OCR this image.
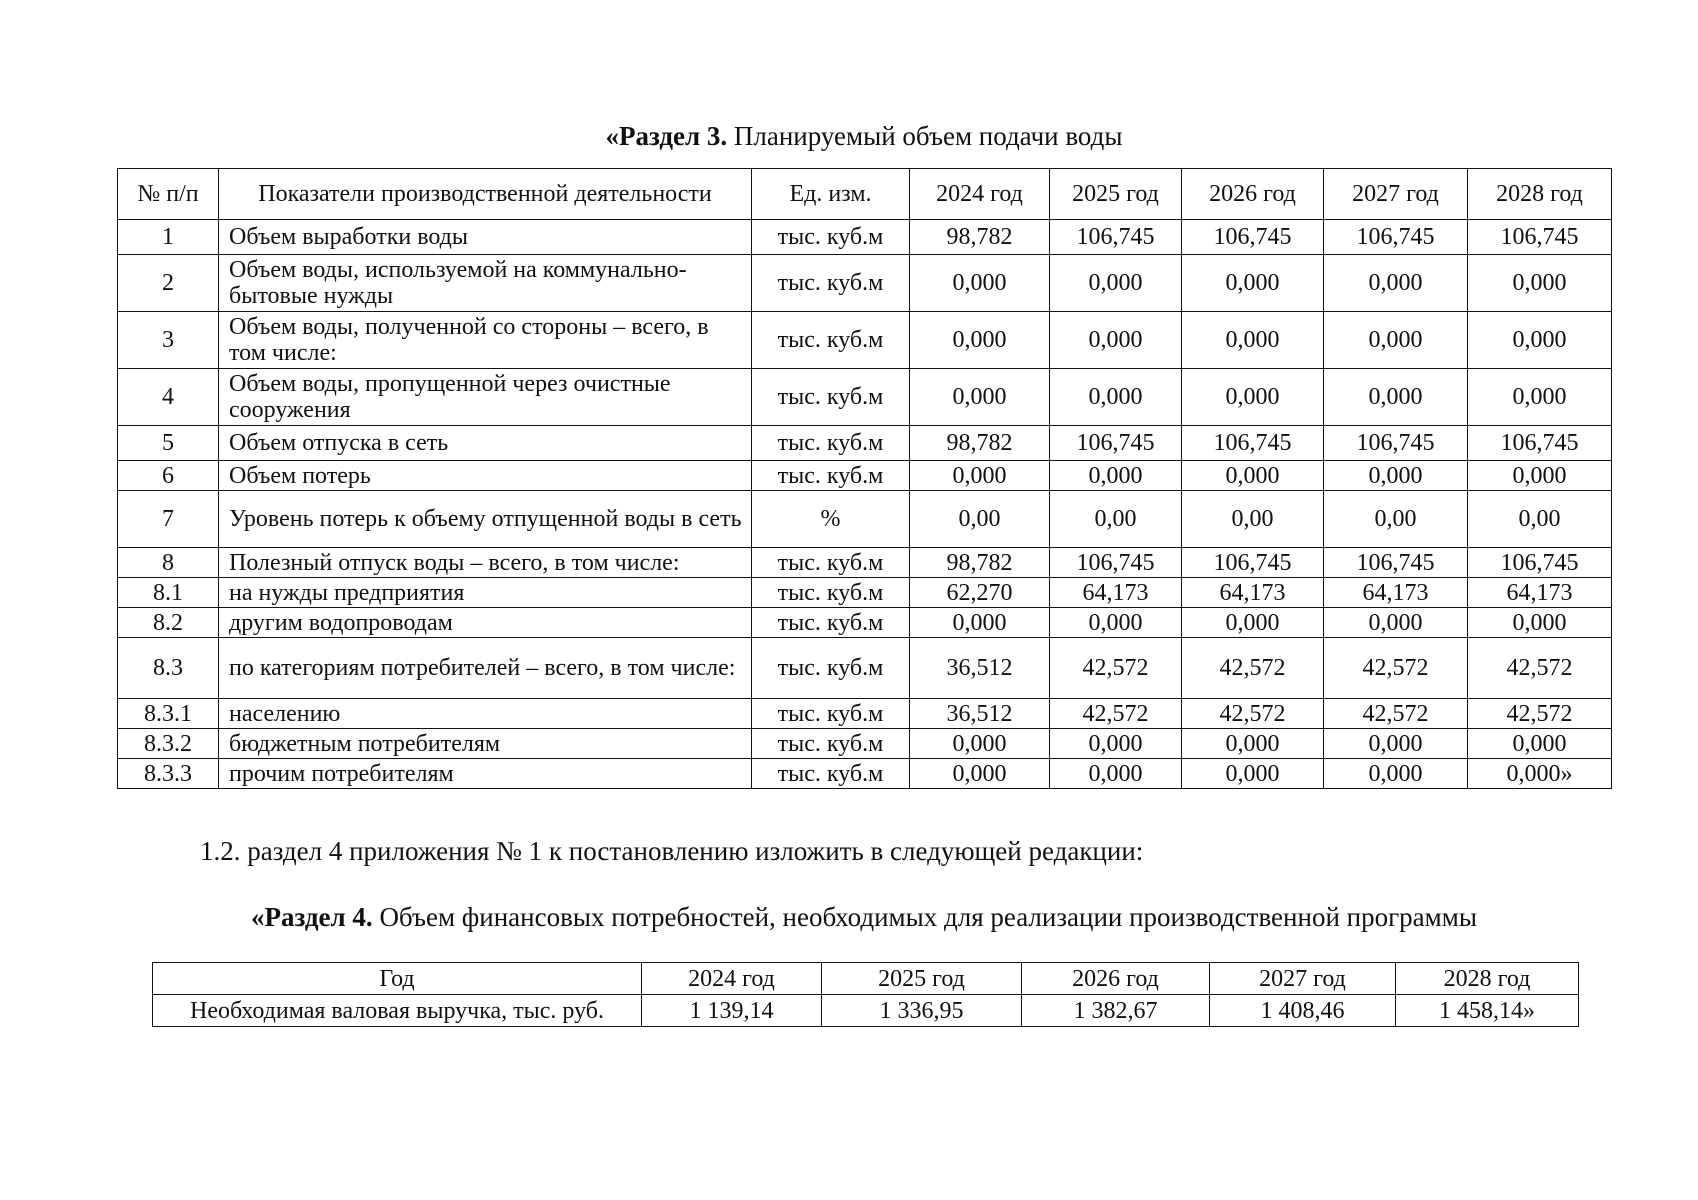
«Раздел 3. Планируемый объем подачи воды
№ п/п	Показатели производственной деятельности	Ед. изм.	2024 год	2025 год	2026 год	2027 год	2028 год
1	Объем выработки воды	тыс. куб.м	98,782	106,745	106,745	106,745	106,745
2	Объем воды, используемой на коммунально-бытовые нужды	тыс. куб.м	0,000	0,000	0,000	0,000	0,000
3	Объем воды, полученной со стороны – всего, в том числе:	тыс. куб.м	0,000	0,000	0,000	0,000	0,000
4	Объем воды, пропущенной через очистные сооружения	тыс. куб.м	0,000	0,000	0,000	0,000	0,000
5	Объем отпуска в сеть	тыс. куб.м	98,782	106,745	106,745	106,745	106,745
6	Объем потерь	тыс. куб.м	0,000	0,000	0,000	0,000	0,000
7	Уровень потерь к объему отпущенной воды в сеть	%	0,00	0,00	0,00	0,00	0,00
8	Полезный отпуск воды – всего, в том числе:	тыс. куб.м	98,782	106,745	106,745	106,745	106,745
8.1	на нужды предприятия	тыс. куб.м	62,270	64,173	64,173	64,173	64,173
8.2	другим водопроводам	тыс. куб.м	0,000	0,000	0,000	0,000	0,000
8.3	по категориям потребителей – всего, в том числе:	тыс. куб.м	36,512	42,572	42,572	42,572	42,572
8.3.1	населению	тыс. куб.м	36,512	42,572	42,572	42,572	42,572
8.3.2	бюджетным потребителям	тыс. куб.м	0,000	0,000	0,000	0,000	0,000
8.3.3	прочим потребителям	тыс. куб.м	0,000	0,000	0,000	0,000	0,000»
1.2. раздел 4 приложения № 1 к постановлению изложить в следующей редакции:
«Раздел 4. Объем финансовых потребностей, необходимых для реализации производственной программы
Год	2024 год	2025 год	2026 год	2027 год	2028 год
Необходимая валовая выручка, тыс. руб.	1 139,14	1 336,95	1 382,67	1 408,46	1 458,14»
